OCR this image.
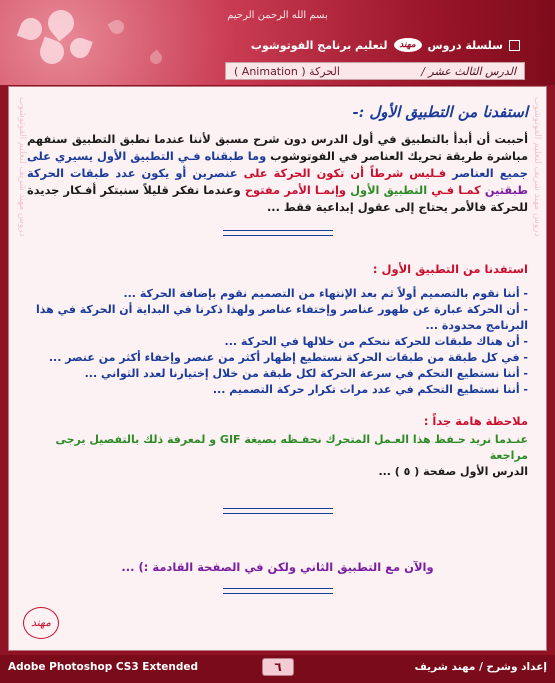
بسم الله الرحمن الرحيم
سلسلة دروس
مهند
لتعليم برنامج الفوتوشوب
الدرس الثالث عشر /
الحركة ( Animation )
دروس مهند شريف لتعليم الفوتوشوب	دروس مهند شريف لتعليم الفوتوشوب
استفدنا من التطبيق الأول :-
أحببت أن أبدأ بالتطبيق في أول الدرس دون شرح مسبق لأننا عندما نطبق التطبيق سنفهم مباشرة طريقة تحريك العناصر في الفوتوشوب وما طبقناه فـي التطبيق الأول يسيري على جميع العناصر فـليس شرطاً أن تكون الحركة على عنصرين أو يكون عدد طبقات الحركة طبقتين كمـا فـي التطبيق الأول وإنمـا الأمر مفتوح وعندما نفكر قليلاً سنبتكر أفـكار جديدة للحركة فالأمر يحتاج إلى عقول إبداعية فقط ...
استفدنا من التطبيق الأول :
- أننا نقوم بالتصميم أولاً ثم بعد الإنتهاء من التصميم نقوم بإضافة الحركة ...
- أن الحركة عبارة عن ظهور عناصر وإختفاء عناصر ولهذا ذكرنا في البداية أن الحركة في هذا البرنامج محدودة ...
- أن هناك طبقات للحركة نتحكم من خلالها في الحركة ...
- في كل طبقة من طبقات الحركة نستطيع إظهار أكثر من عنصر وإخفاء أكثر من عنصر ...
- أننا نستطيع التحكم في سرعة الحركة لكل طبقة من خلال إختيارنا لعدد الثواني ...
- أننا نستطيع التحكم في عدد مرات تكرار حركة التصميم ...
ملاحظة هامة جداً :
عنـدما نريد حـفظ هذا العـمل المتحرك نحفـظه بصيغة GIF و لمعرفة ذلك بالتفصيل يرجى مراجعة
الدرس الأول صفحة ( ٥ ) ...
والآن مع التطبيق الثاني ولكن في الصفحة القادمة :) ...
مهند
Adobe Photoshop CS3 Extended	٦	إعداد وشرح / مهند شريف
